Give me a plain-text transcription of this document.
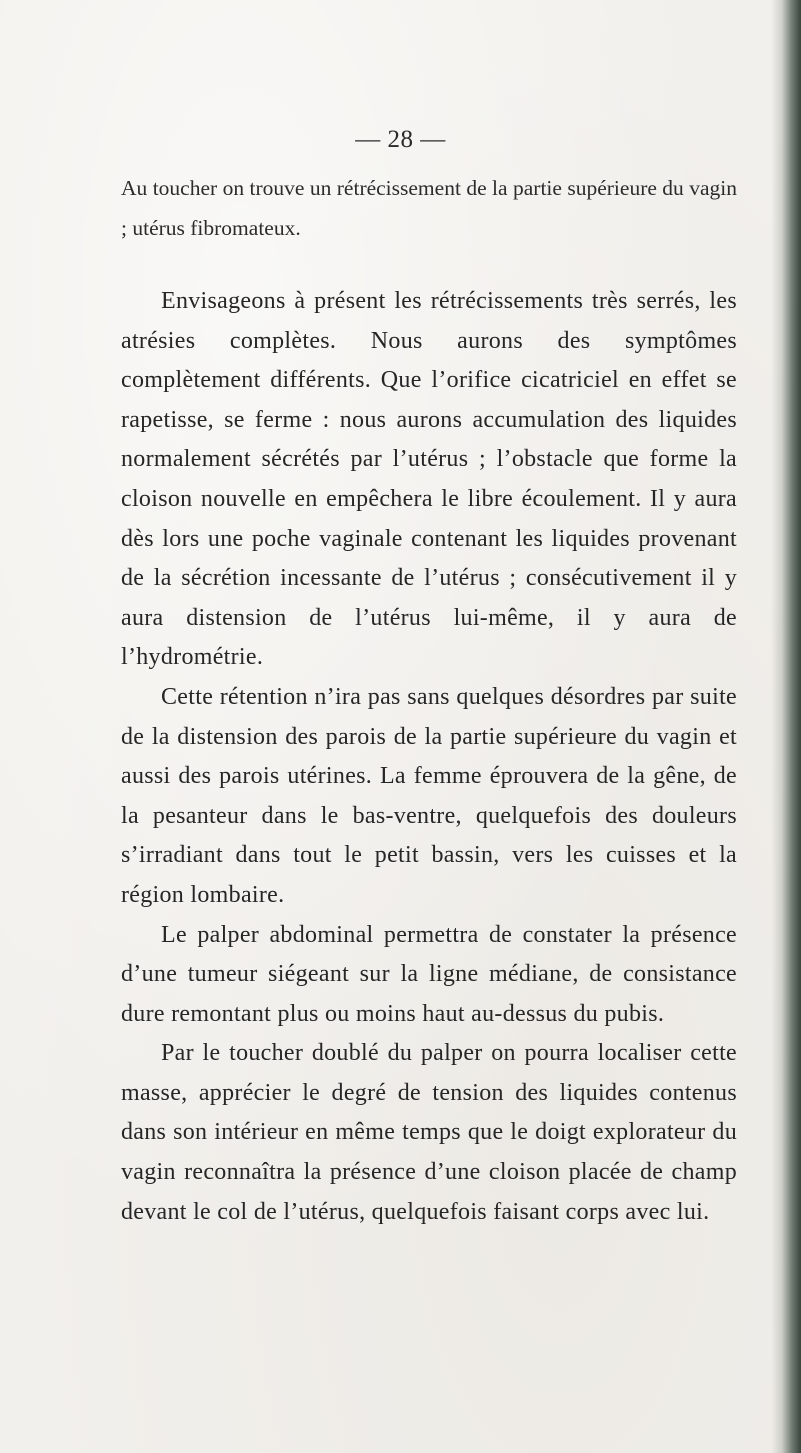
— 28 —
Au toucher on trouve un rétrécissement de la partie supérieure du vagin ; utérus fibromateux.

Envisageons à présent les rétrécissements très serrés, les atrésies complètes. Nous aurons des symptômes complètement différents. Que l’orifice cicatriciel en effet se rapetisse, se ferme : nous aurons accumulation des liquides normalement sécrétés par l’utérus ; l’obstacle que forme la cloison nouvelle en empêchera le libre écoulement. Il y aura dès lors une poche vaginale contenant les liquides provenant de la sécrétion incessante de l’utérus ; consécutivement il y aura distension de l’utérus lui-même, il y aura de l’hydrométrie.

Cette rétention n’ira pas sans quelques désordres par suite de la distension des parois de la partie supérieure du vagin et aussi des parois utérines. La femme éprouvera de la gêne, de la pesanteur dans le bas-ventre, quelquefois des douleurs s’irradiant dans tout le petit bassin, vers les cuisses et la région lombaire.

Le palper abdominal permettra de constater la présence d’une tumeur siégeant sur la ligne médiane, de consistance dure remontant plus ou moins haut au-dessus du pubis.

Par le toucher doublé du palper on pourra localiser cette masse, apprécier le degré de tension des liquides contenus dans son intérieur en même temps que le doigt explorateur du vagin reconnaîtra la présence d’une cloison placée de champ devant le col de l’utérus, quelquefois faisant corps avec lui.
